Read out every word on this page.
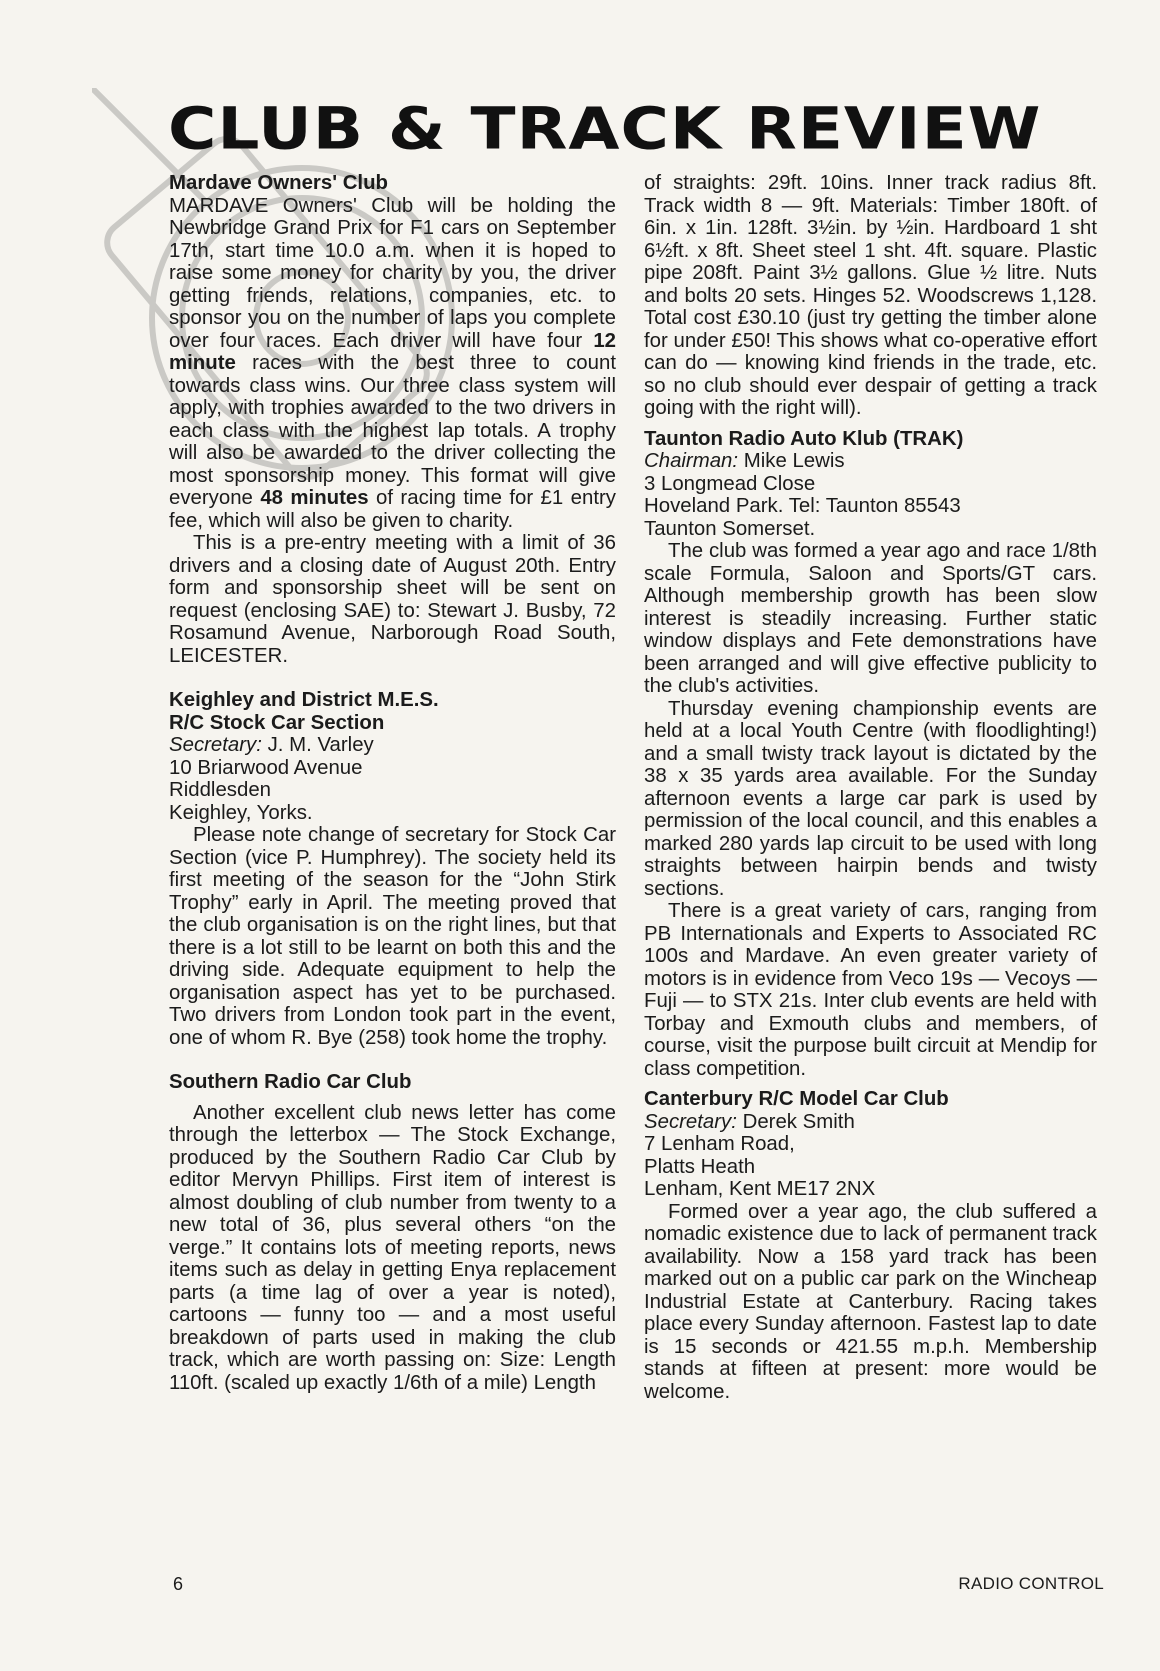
CLUB & TRACK REVIEW
Mardave Owners' Club

MARDAVE Owners' Club will be holding the Newbridge Grand Prix for F1 cars on September 17th, start time 10.0 a.m. when it is hoped to raise some money for charity by you, the driver getting friends, relations, companies, etc. to sponsor you on the number of laps you complete over four races. Each driver will have four 12 minute races with the best three to count towards class wins. Our three class system will apply, with trophies awarded to the two drivers in each class with the highest lap totals. A trophy will also be awarded to the driver collecting the most sponsorship money. This format will give everyone 48 minutes of racing time for £1 entry fee, which will also be given to charity.

This is a pre-entry meeting with a limit of 36 drivers and a closing date of August 20th. Entry form and sponsorship sheet will be sent on request (enclosing SAE) to: Stewart J. Busby, 72 Rosamund Avenue, Narborough Road South, LEICESTER.

Keighley and District M.E.S.
R/C Stock Car Section

Secretary: J. M. Varley

10 Briarwood Avenue

Riddlesden

Keighley, Yorks.

Please note change of secretary for Stock Car Section (vice P. Humphrey). The society held its first meeting of the season for the “John Stirk Trophy” early in April. The meeting proved that the club organisation is on the right lines, but that there is a lot still to be learnt on both this and the driving side. Adequate equipment to help the organisation aspect has yet to be purchased. Two drivers from London took part in the event, one of whom R. Bye (258) took home the trophy.

Southern Radio Car Club

Another excellent club news letter has come through the letterbox — The Stock Exchange, produced by the Southern Radio Car Club by editor Mervyn Phillips. First item of interest is almost doubling of club number from twenty to a new total of 36, plus several others “on the verge.” It contains lots of meeting reports, news items such as delay in getting Enya replacement parts (a time lag of over a year is noted), cartoons — funny too — and a most useful breakdown of parts used in making the club track, which are worth passing on: Size: Length 110ft. (scaled up exactly 1/6th of a mile) Length

of straights: 29ft. 10ins. Inner track radius 8ft. Track width 8 — 9ft. Materials: Timber 180ft. of 6in. x 1in. 128ft. 3½in. by ½in. Hardboard 1 sht 6½ft. x 8ft. Sheet steel 1 sht. 4ft. square. Plastic pipe 208ft. Paint 3½ gallons. Glue ½ litre. Nuts and bolts 20 sets. Hinges 52. Woodscrews 1,128. Total cost £30.10 (just try getting the timber alone for under £50! This shows what co-operative effort can do — knowing kind friends in the trade, etc. so no club should ever despair of getting a track going with the right will).

Taunton Radio Auto Klub (TRAK)

Chairman: Mike Lewis

3 Longmead Close

Hoveland Park. Tel: Taunton 85543

Taunton Somerset.

The club was formed a year ago and race 1/8th scale Formula, Saloon and Sports/GT cars. Although membership growth has been slow interest is steadily increasing. Further static window displays and Fete demonstrations have been arranged and will give effective publicity to the club's activities.

Thursday evening championship events are held at a local Youth Centre (with floodlighting!) and a small twisty track layout is dictated by the 38 x 35 yards area available. For the Sunday afternoon events a large car park is used by permission of the local council, and this enables a marked 280 yards lap circuit to be used with long straights between hairpin bends and twisty sections.

There is a great variety of cars, ranging from PB Internationals and Experts to Associated RC 100s and Mardave. An even greater variety of motors is in evidence from Veco 19s — Vecoys — Fuji — to STX 21s. Inter club events are held with Torbay and Exmouth clubs and members, of course, visit the purpose built circuit at Mendip for class competition.

Canterbury R/C Model Car Club

Secretary: Derek Smith

7 Lenham Road,

Platts Heath

Lenham, Kent ME17 2NX

Formed over a year ago, the club suffered a nomadic existence due to lack of permanent track availability. Now a 158 yard track has been marked out on a public car park on the Wincheap Industrial Estate at Canterbury. Racing takes place every Sunday afternoon. Fastest lap to date is 15 seconds or 421.55 m.p.h. Membership stands at fifteen at present: more would be welcome.

6	RADIO CONTROL
